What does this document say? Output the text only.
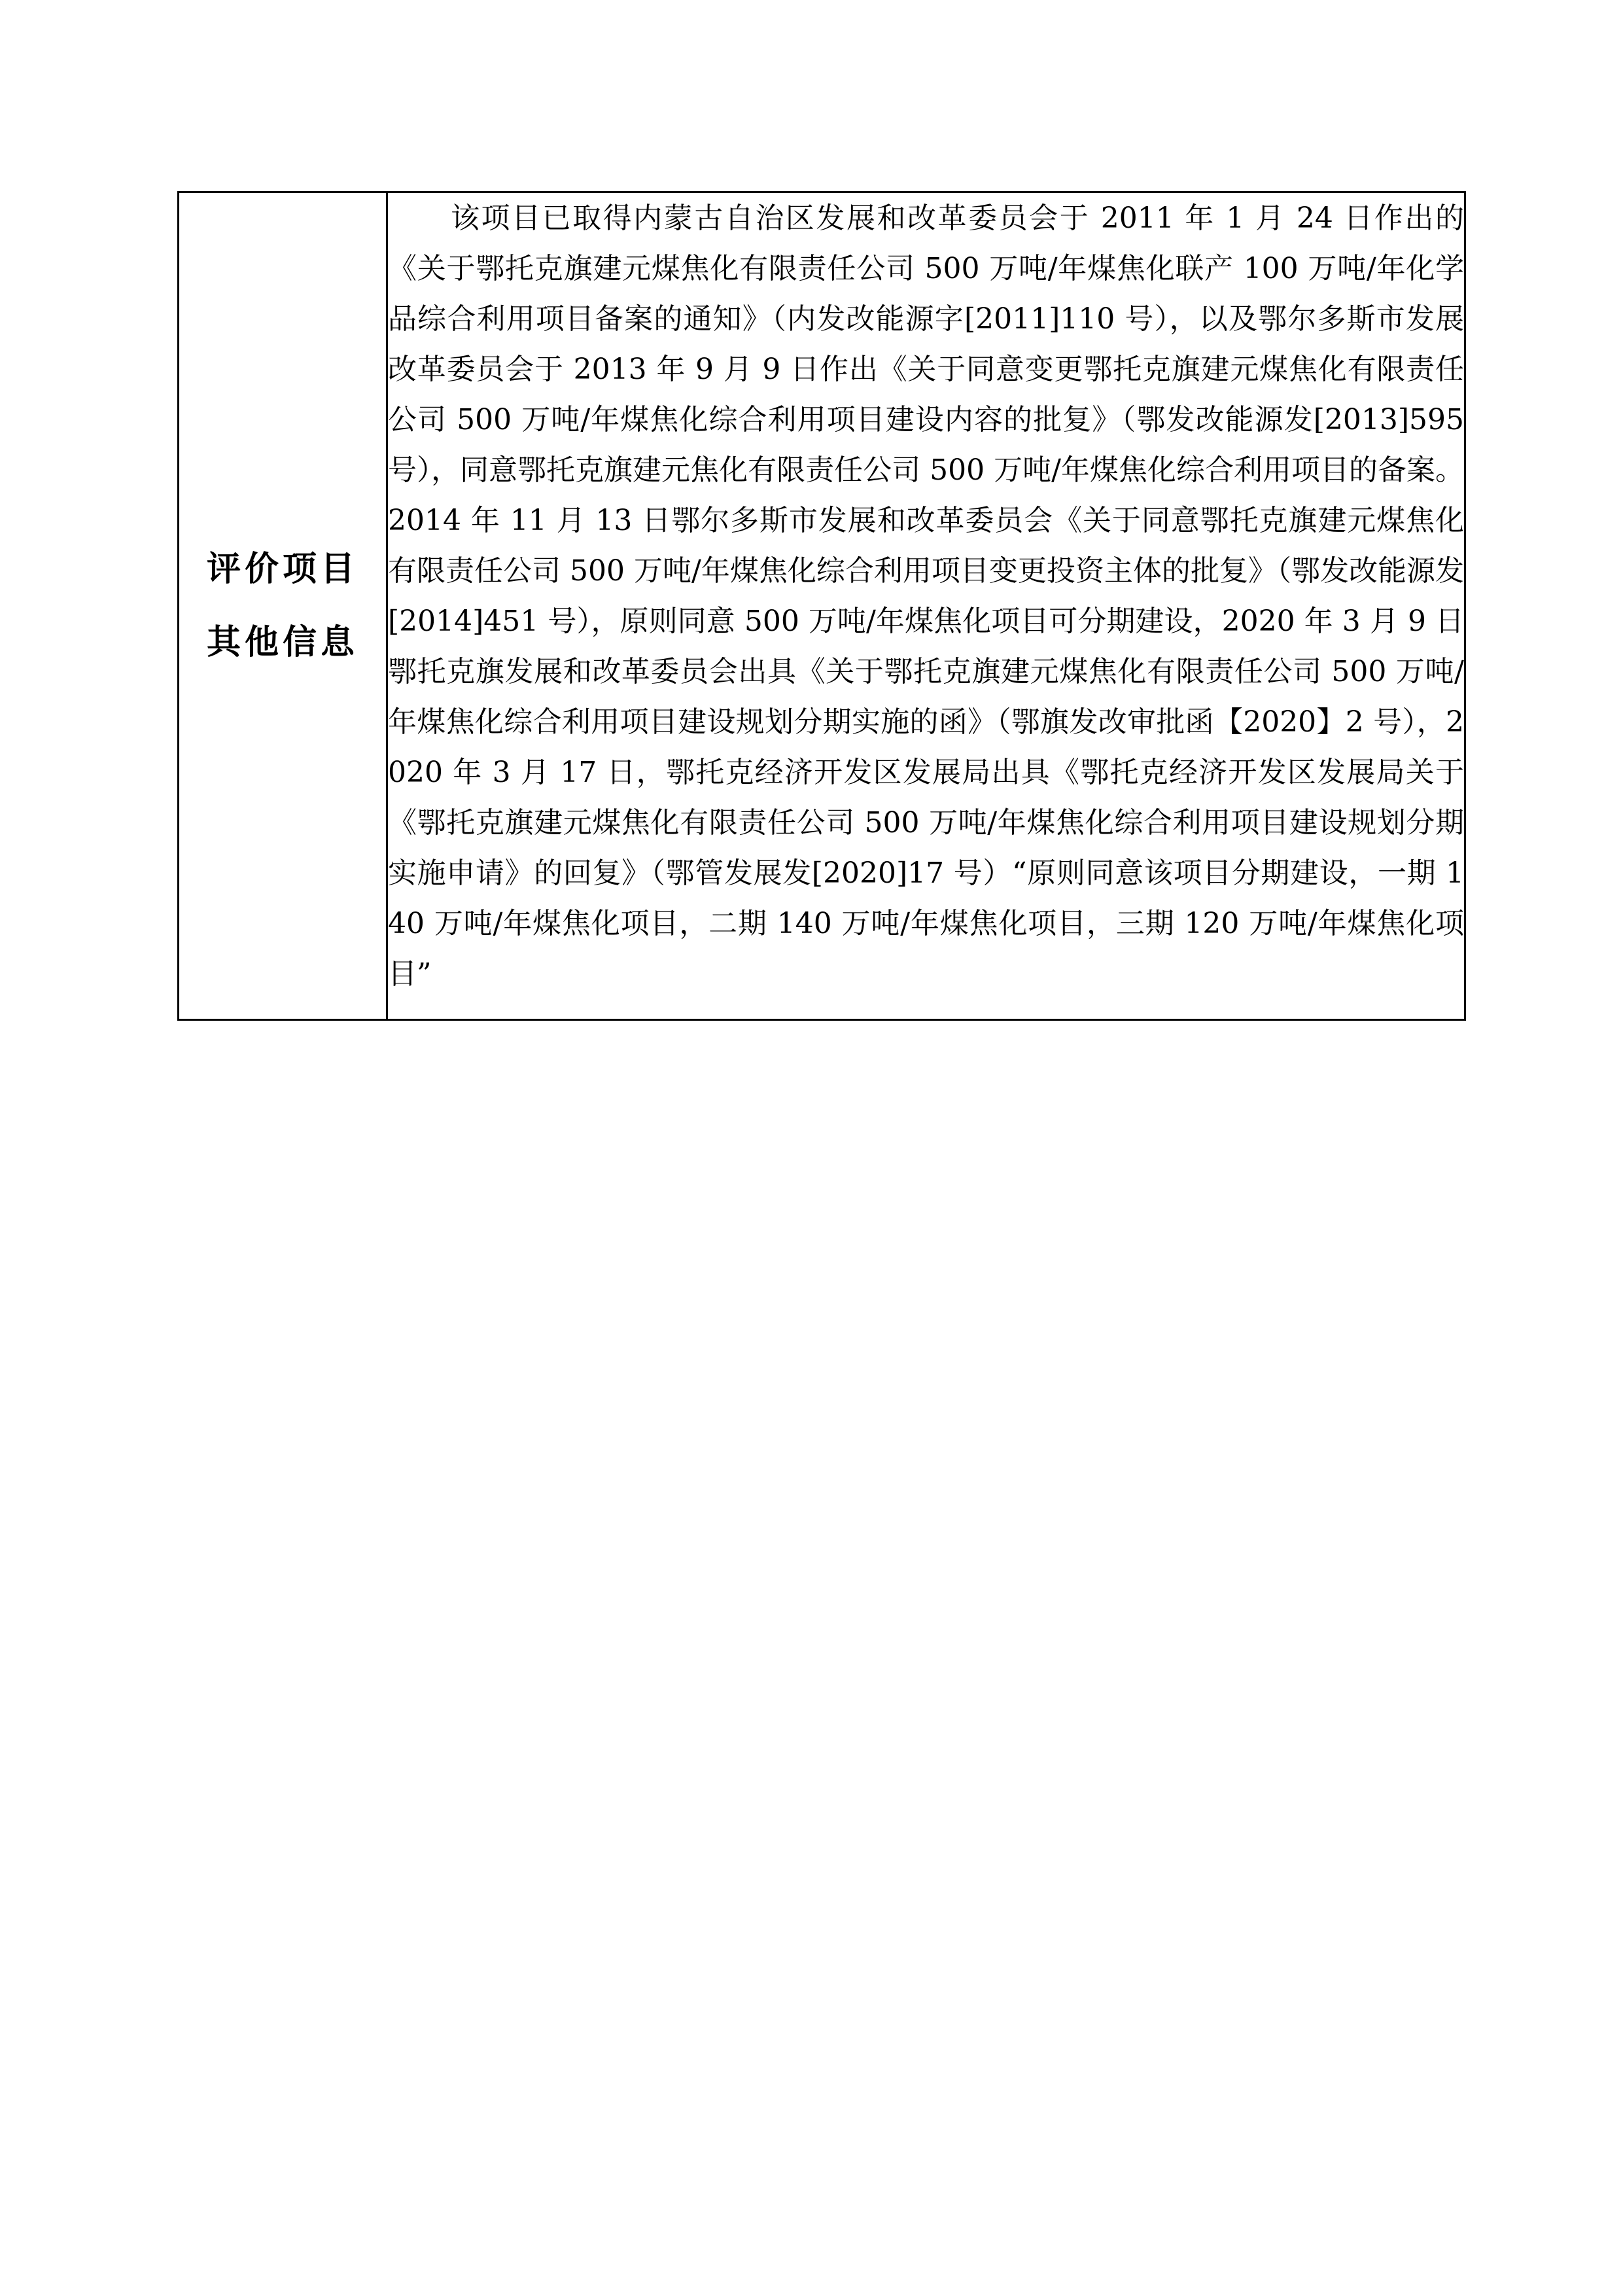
评价项目
其他信息

该项目已取得内蒙古自治区发展和改革委员会于 2011 年 1 月 24 日作出的《关于鄂托克旗建元煤焦化有限责任公司 500 万吨/年煤焦化联产 100 万吨/年化学品综合利用项目备案的通知》（内发改能源字[2011]110 号），以及鄂尔多斯市发展改革委员会于 2013 年 9 月 9 日作出《关于同意变更鄂托克旗建元煤焦化有限责任公司 500 万吨/年煤焦化综合利用项目建设内容的批复》（鄂发改能源发[2013]595 号），同意鄂托克旗建元焦化有限责任公司 500 万吨/年煤焦化综合利用项目的备案。2014 年 11 月 13 日鄂尔多斯市发展和改革委员会《关于同意鄂托克旗建元煤焦化有限责任公司 500 万吨/年煤焦化综合利用项目变更投资主体的批复》（鄂发改能源发[2014]451 号），原则同意 500 万吨/年煤焦化项目可分期建设，2020 年 3 月 9 日鄂托克旗发展和改革委员会出具《关于鄂托克旗建元煤焦化有限责任公司 500 万吨/年煤焦化综合利用项目建设规划分期实施的函》（鄂旗发改审批函【2020】2 号），2020 年 3 月 17 日，鄂托克经济开发区发展局出具《鄂托克经济开发区发展局关于《鄂托克旗建元煤焦化有限责任公司 500 万吨/年煤焦化综合利用项目建设规划分期实施申请》的回复》（鄂管发展发[2020]17 号）“原则同意该项目分期建设，一期 140 万吨/年煤焦化项目，二期 140 万吨/年煤焦化项目，三期 120 万吨/年煤焦化项目”
